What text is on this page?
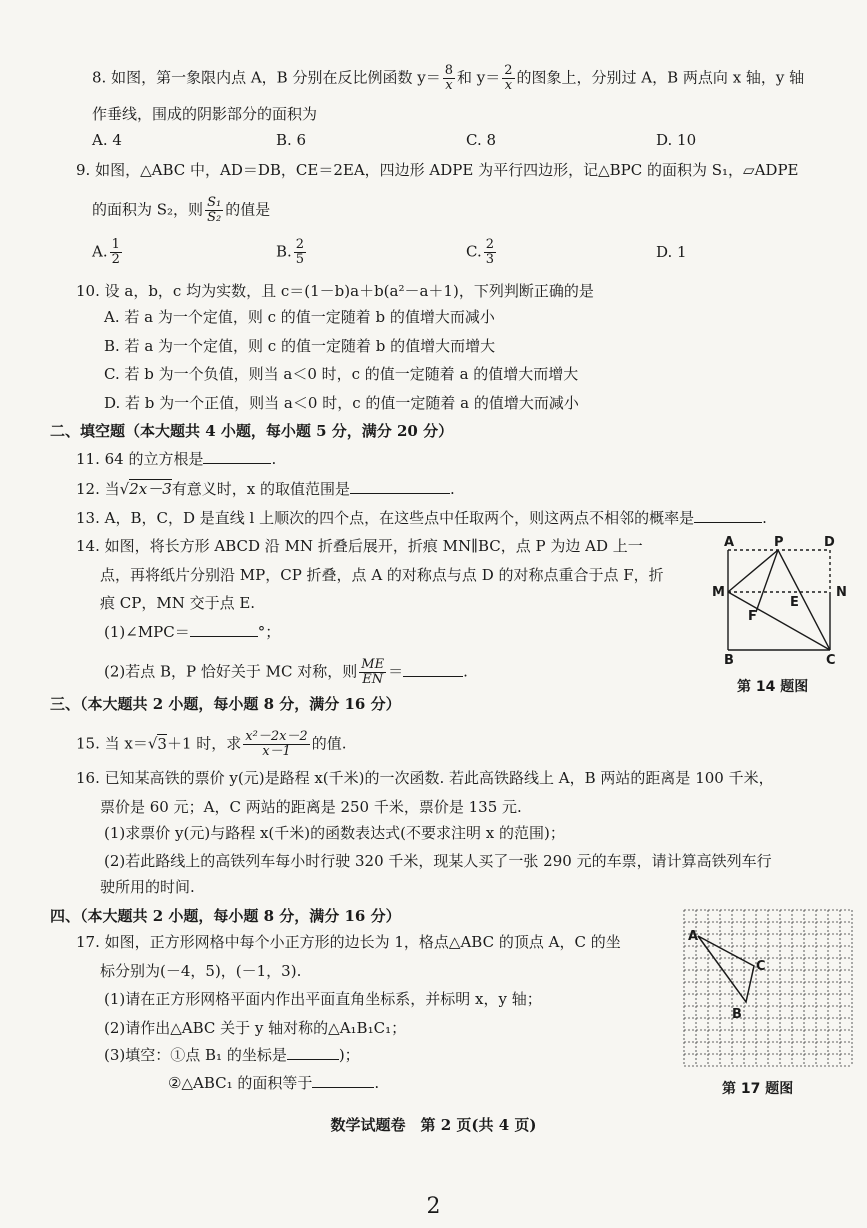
8. 如图，第一象限内点 A，B 分别在反比例函数 $y= \frac{8}{x}$ 和 $y= \frac{2}{x}$ 的图象上，分别过 A，B 两点向 x 轴，y 轴
作垂线，围成的阴影部分的面积为
A. 4	B. 6	C. 8	D. 10
9. 如图，△ABC 中，AD＝DB，CE＝2EA，四边形 ADPE 为平行四边形，记△BPC 的面积为 S₁，▱ADPE
的面积为 S₂，则 $\frac{\text{S₁}}{\text{S₂}}$ 的值是
A. $\frac{1}{2}$	B. $\frac{2}{5}$	C. $\frac{2}{3}$	D. 1
10. 设 a，b，c 均为实数，且 c＝(1－b)a＋b(a²－a＋1)，下列判断正确的是
A. 若 a 为一个定值，则 c 的值一定随着 b 的值增大而减小
B. 若 a 为一个定值，则 c 的值一定随着 b 的值增大而增大
C. 若 b 为一个负值，则当 a＜0 时，c 的值一定随着 a 的值增大而增大
D. 若 b 为一个正值，则当 a＜0 时，c 的值一定随着 a 的值增大而减小
二、填空题（本大题共 4 小题，每小题 5 分，满分 20 分）
11. 64 的立方根是	.
12. 当√2x－3有意义时，x 的取值范围是	.
13. A，B，C，D 是直线 l 上顺次的四个点，在这些点中任取两个，则这两点不相邻的概率是	.
14. 如图，将长方形 ABCD 沿 MN 折叠后展开，折痕 MN∥BC，点 P 为边 AD 上一
点，再将纸片分别沿 MP，CP 折叠，点 A 的对称点与点 D 的对称点重合于点 F，折
痕 CP，MN 交于点 E.
(1)∠MPC＝	°；
(2)若点 B，P 恰好关于 MC 对称，则 $\frac{ME}{EN}$ ＝	.
A	P	D
M	N
E
F
B	C
第 14 题图
三、（本大题共 2 小题，每小题 8 分，满分 16 分）
15. 当 x＝√3＋1 时，求 $\frac{\text{x²－2x－2}}{x-1}$ 的值.
16. 已知某高铁的票价 y(元)是路程 x(千米)的一次函数. 若此高铁路线上 A，B 两站的距离是 100 千米，
票价是 60 元；A，C 两站的距离是 250 千米，票价是 135 元.
(1)求票价 y(元)与路程 x(千米)的函数表达式(不要求注明 x 的范围)；
(2)若此路线上的高铁列车每小时行驶 320 千米，现某人买了一张 290 元的车票，请计算高铁列车行
驶所用的时间.
四、（本大题共 2 小题，每小题 8 分，满分 16 分）
17. 如图，正方形网格中每个小正方形的边长为 1，格点△ABC 的顶点 A，C 的坐
标分别为(－4，5)，(－1，3).
(1)请在正方形网格平面内作出平面直角坐标系，并标明 x，y 轴；
(2)请作出△ABC 关于 y 轴对称的△A₁B₁C₁；
(3)填空：①点 B₁ 的坐标是	)；
②△ABC₁ 的面积等于	.
A
C
B
第 17 题图
数学试题卷　第 2 页(共 4 页)
2
